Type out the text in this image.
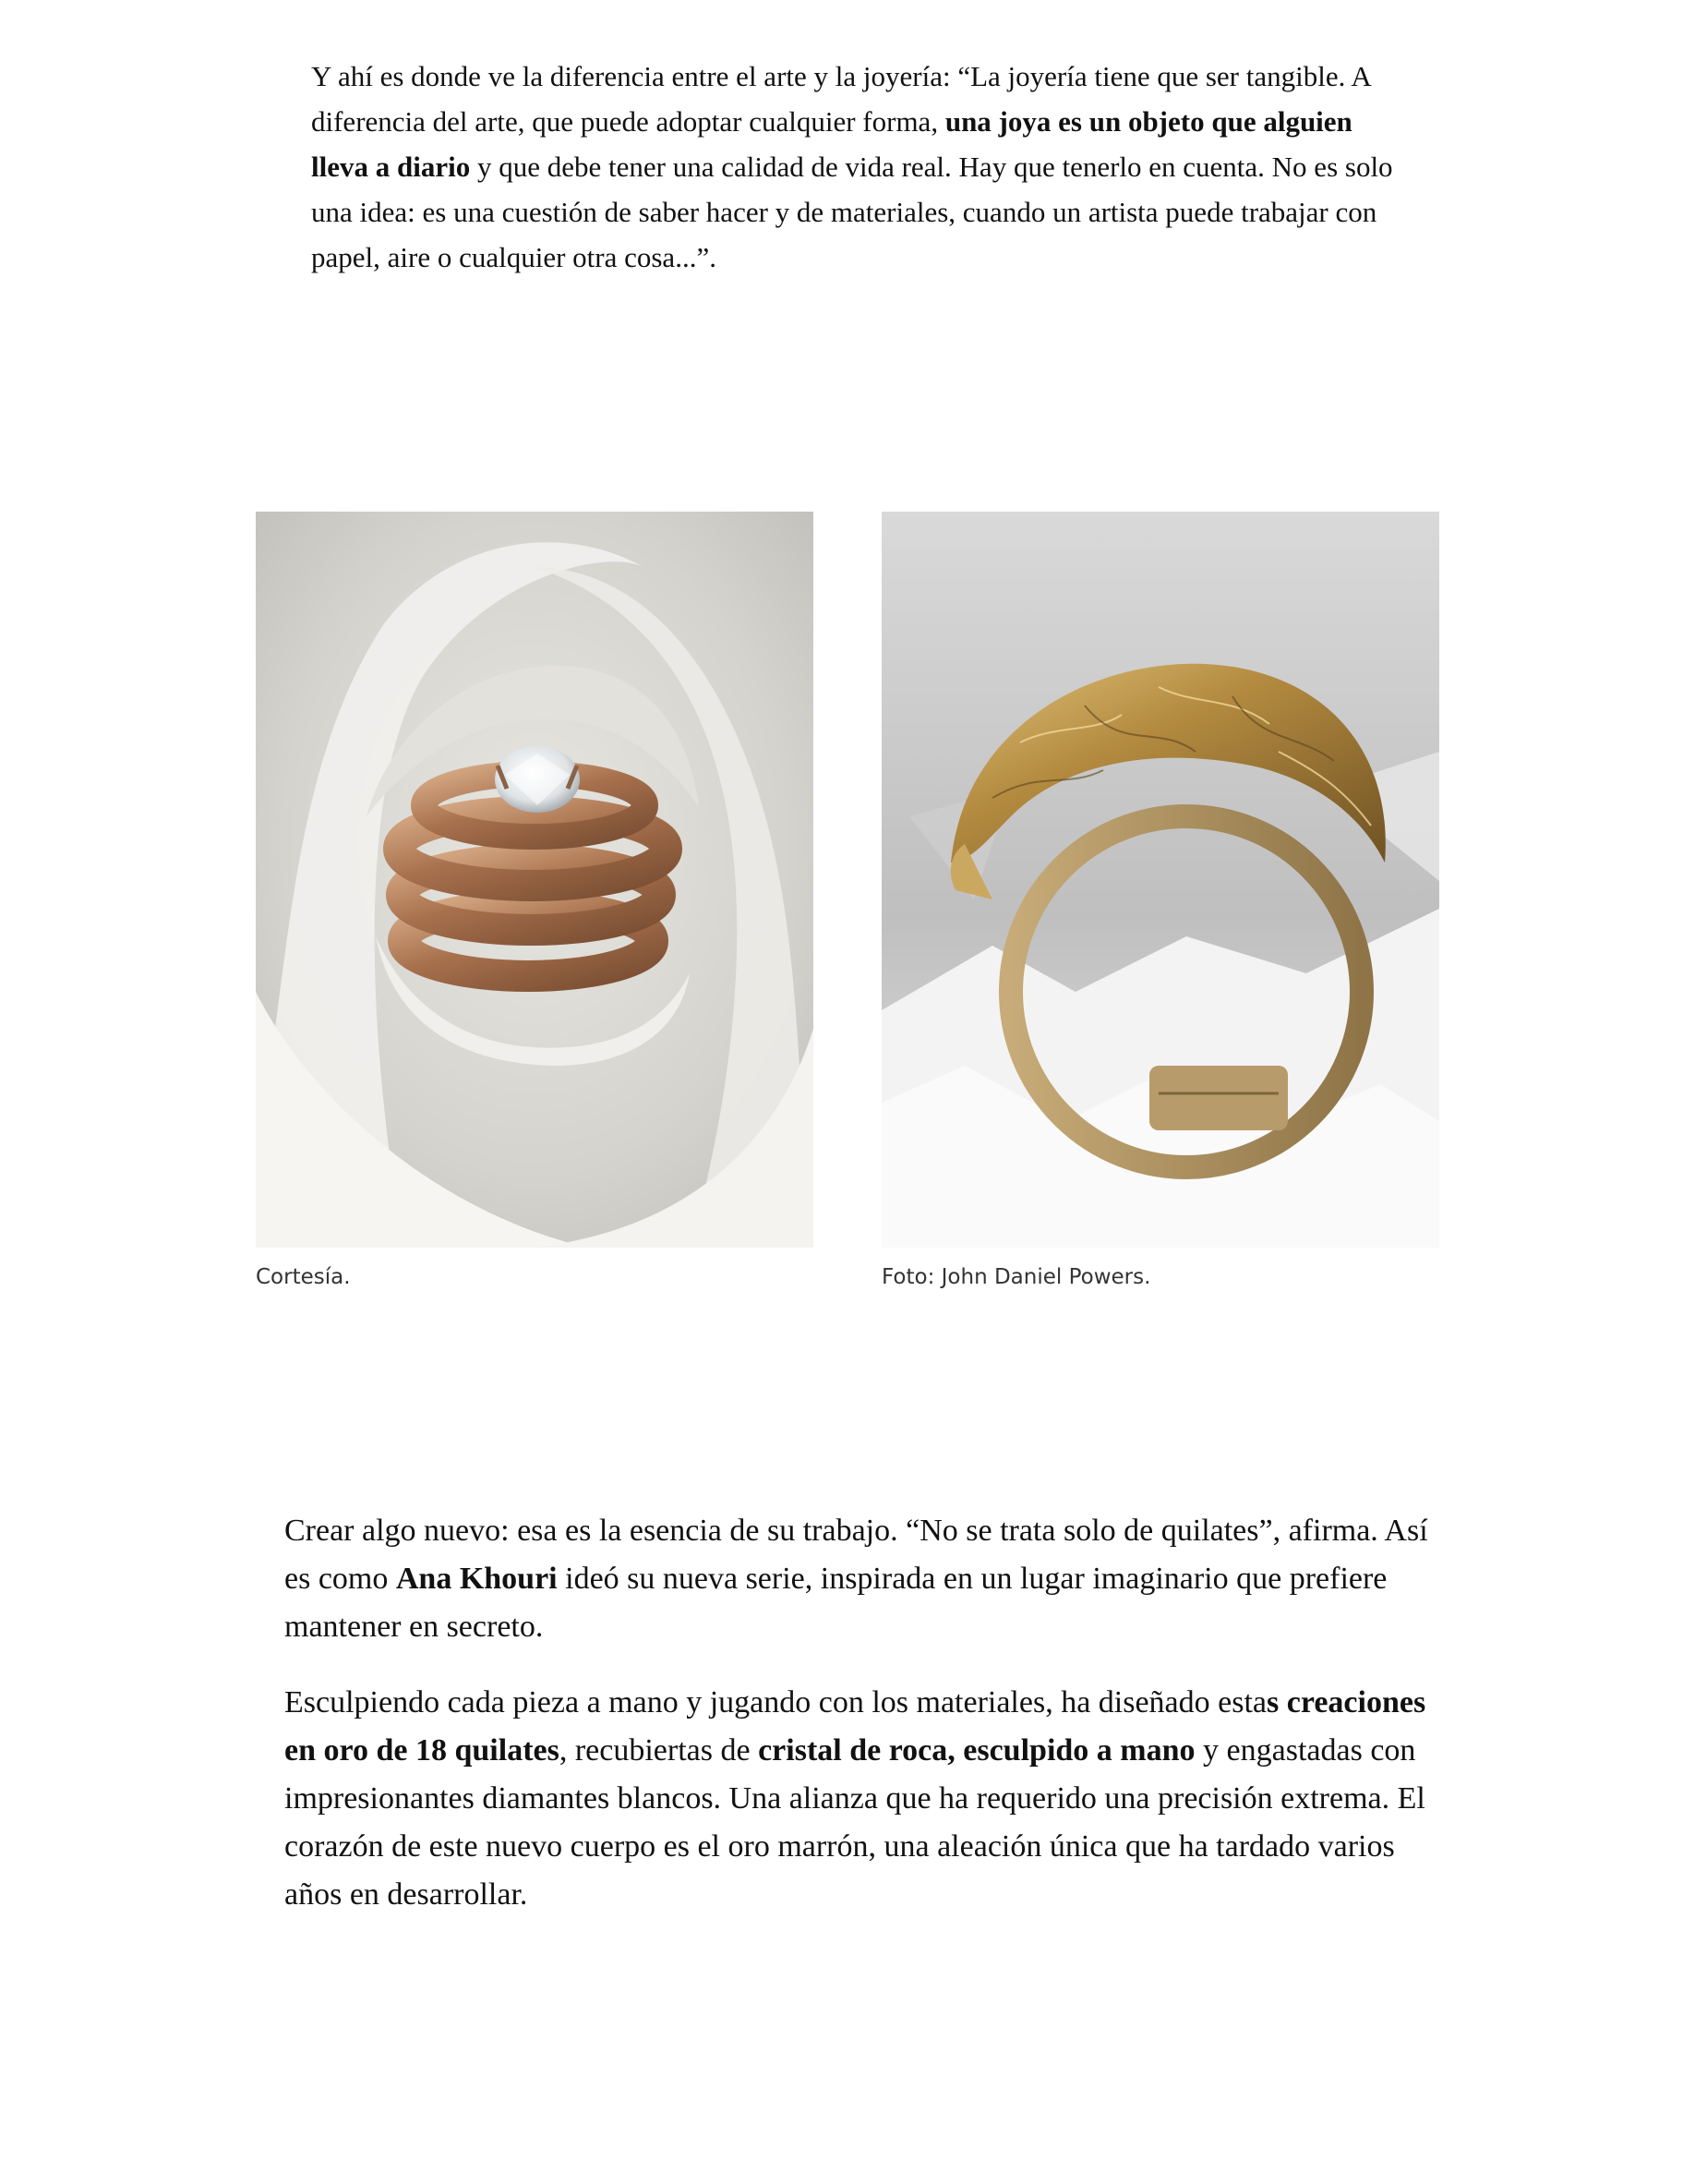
Y ahí es donde ve la diferencia entre el arte y la joyería: “La joyería tiene que ser tangible. A diferencia del arte, que puede adoptar cualquier forma, una joya es un objeto que alguien lleva a diario y que debe tener una calidad de vida real. Hay que tenerlo en cuenta. No es solo una idea: es una cuestión de saber hacer y de materiales, cuando un artista puede trabajar con papel, aire o cualquier otra cosa...”.

Cortesía.	Foto: John Daniel Powers.

Crear algo nuevo: esa es la esencia de su trabajo. “No se trata solo de quilates”, afirma. Así es como Ana Khouri ideó su nueva serie, inspirada en un lugar imaginario que prefiere mantener en secreto.

Esculpiendo cada pieza a mano y jugando con los materiales, ha diseñado estas creaciones en oro de 18 quilates, recubiertas de cristal de roca, esculpido a mano y engastadas con impresionantes diamantes blancos. Una alianza que ha requerido una precisión extrema. El corazón de este nuevo cuerpo es el oro marrón, una aleación única que ha tardado varios años en desarrollar.
